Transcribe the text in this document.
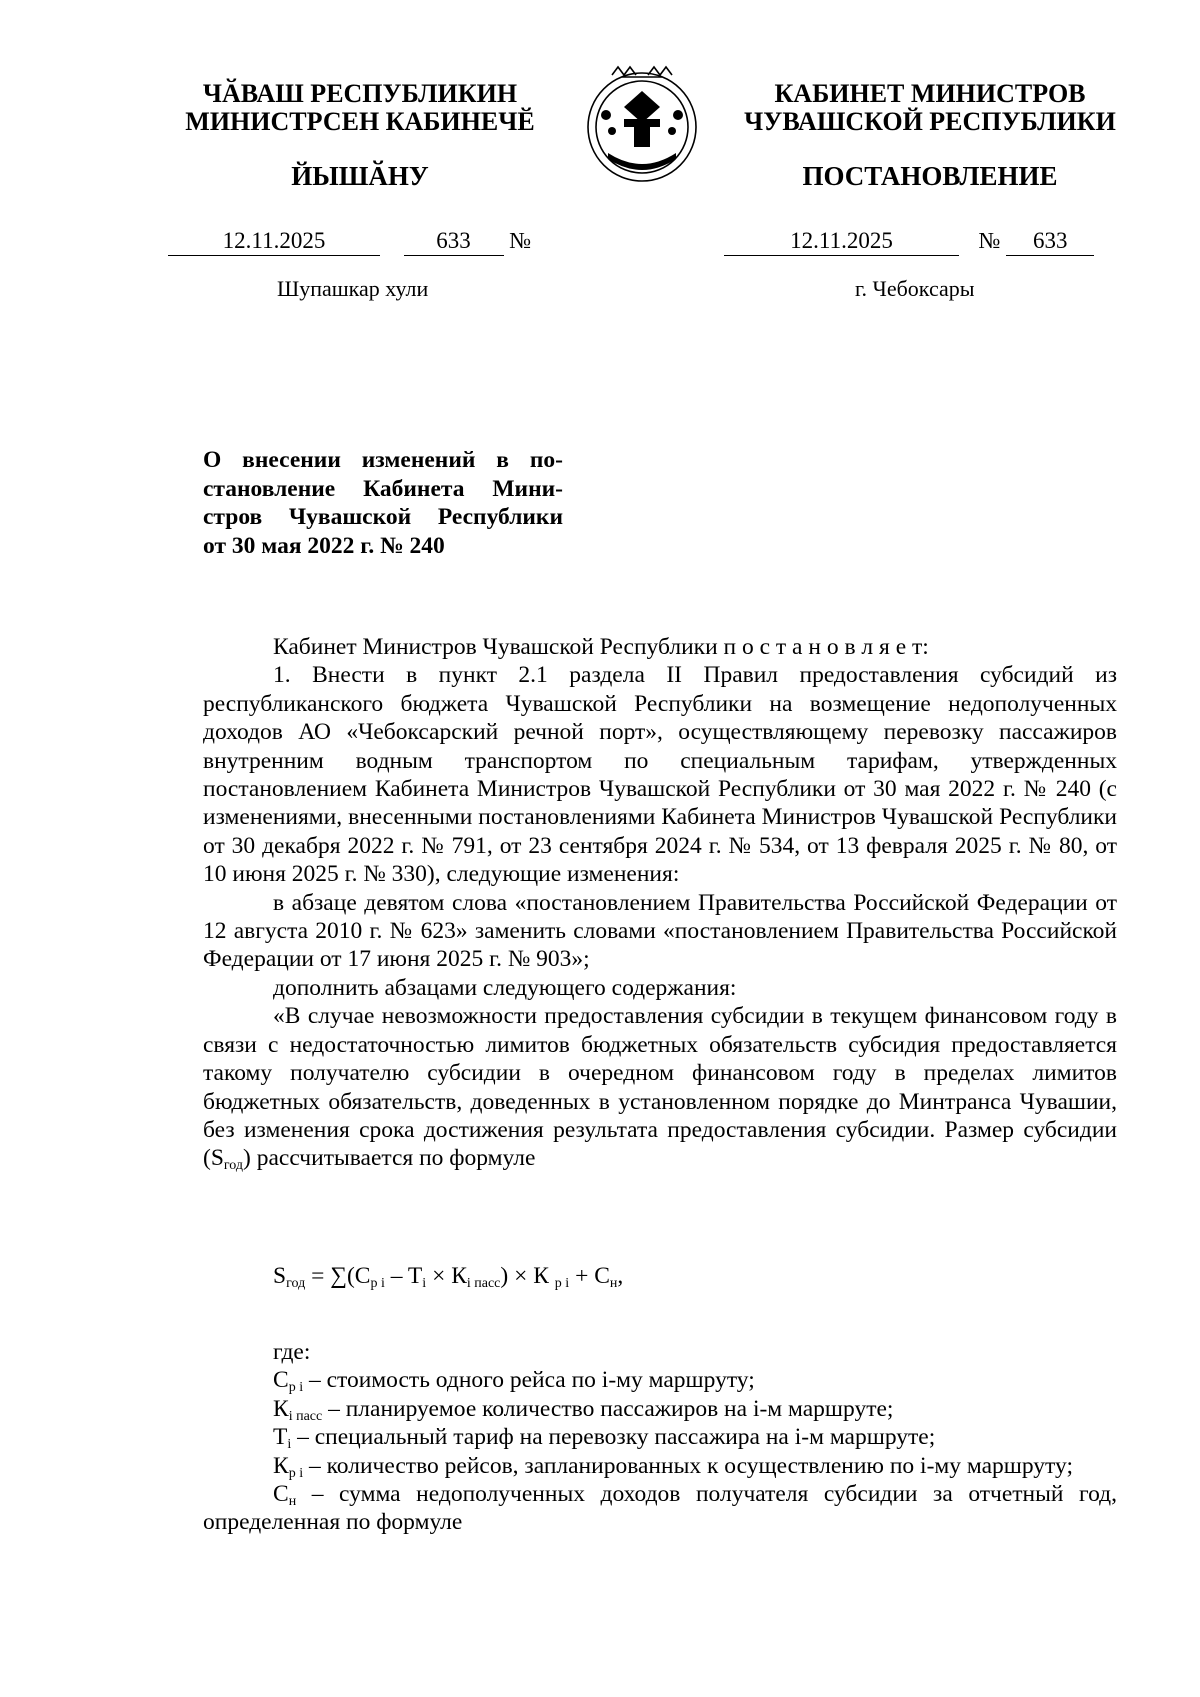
ЧӐВАШ РЕСПУБЛИКИН
МИНИСТРСЕН КАБИНЕЧӖ
ЙЫШӐНУ
КАБИНЕТ МИНИСТРОВ
ЧУВАШСКОЙ РЕСПУБЛИКИ
ПОСТАНОВЛЕНИЕ
12.11.2025	633 №	12.11.2025	№ 633
Шупашкар хули	г. Чебоксары
О внесении изменений в по-
становление Кабинета Мини-
стров Чувашской Республики
от 30 мая 2022 г. № 240

Кабинет Министров Чувашской Республики п о с т а н о в л я е т:

1. Внести в пункт 2.1 раздела II Правил предоставления субсидий из республиканского бюджета Чувашской Республики на возмещение недополученных доходов АО «Чебоксарский речной порт», осуществляющему перевозку пассажиров внутренним водным транспортом по специальным тарифам, утвержденных постановлением Кабинета Министров Чувашской Республики от 30 мая 2022 г. № 240 (с изменениями, внесенными постановлениями Кабинета Министров Чувашской Республики от 30 декабря 2022 г. № 791, от 23 сентября 2024 г. № 534, от 13 февраля 2025 г. № 80, от 10 июня 2025 г. № 330), следующие изменения:

в абзаце девятом слова «постановлением Правительства Российской Федерации от 12 августа 2010 г. № 623» заменить словами «постановлением Правительства Российской Федерации от 17 июня 2025 г. № 903»;

дополнить абзацами следующего содержания:

«В случае невозможности предоставления субсидии в текущем финансовом году в связи с недостаточностью лимитов бюджетных обязательств субсидия предоставляется такому получателю субсидии в очередном финансовом году в пределах лимитов бюджетных обязательств, доведенных в установленном порядке до Минтранса Чувашии, без изменения срока достижения результата предоставления субсидии. Размер субсидии $(S_{год})$ рассчитывается по формуле

$S_{год} = \sum(С_{р i} - T_i \times К_{i пасс}) \times К$ $_{р i} + С_н$,

где:

$С_{р i}$ – стоимость одного рейса по i-му маршруту;

$К_{i пасс}$ – планируемое количество пассажиров на i-м маршруте;

$Т_i$ – специальный тариф на перевозку пассажира на i-м маршруте;

$К_{р i}$ – количество рейсов, запланированных к осуществлению по i-му маршруту;

$С_н$ – сумма недополученных доходов получателя субсидии за отчетный год, определенная по формуле
